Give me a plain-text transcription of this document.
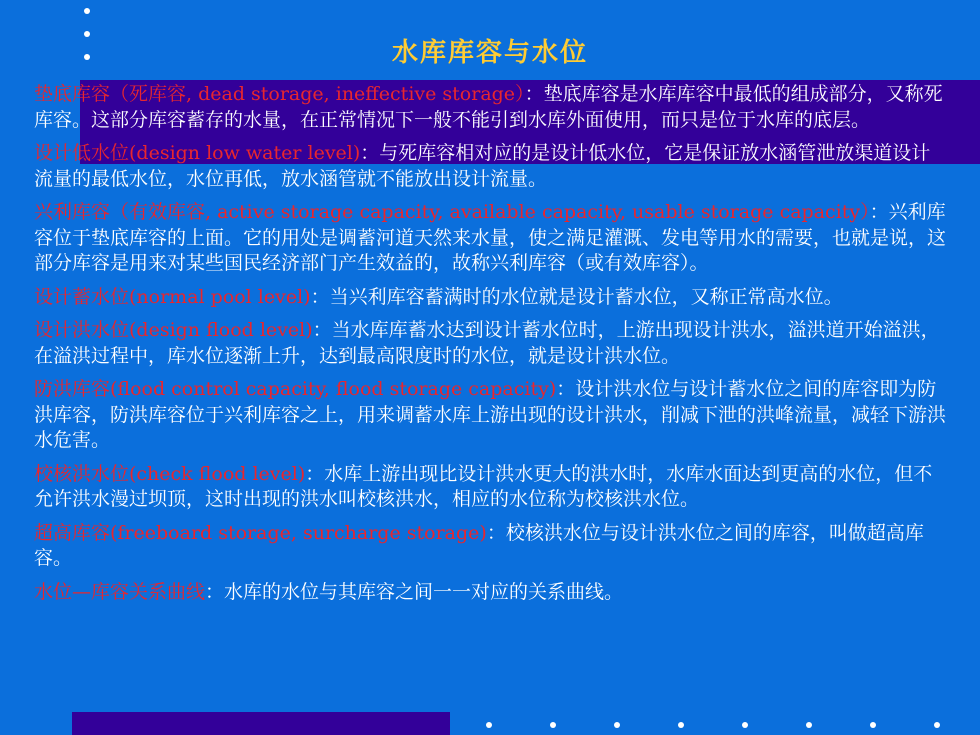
水库库容与水位

垫底库容（死库容, dead storage, ineffective storage）：垫底库容是水库库容中最低的组成部分，又称死库容。这部分库容蓄存的水量，在正常情况下一般不能引到水库外面使用，而只是位于水库的底层。

设计低水位(design low water level)：与死库容相对应的是设计低水位，它是保证放水涵管泄放渠道设计流量的最低水位，水位再低，放水涵管就不能放出设计流量。

兴利库容（有效库容, active storage capacity, available capacity, usable storage capacity）：兴利库容位于垫底库容的上面。它的用处是调蓄河道天然来水量，使之满足灌溉、发电等用水的需要，也就是说，这部分库容是用来对某些国民经济部门产生效益的，故称兴利库容（或有效库容）。

设计蓄水位(normal pool level)：当兴利库容蓄满时的水位就是设计蓄水位，又称正常高水位。

设计洪水位(design flood level)：当水库库蓄水达到设计蓄水位时，上游出现设计洪水，溢洪道开始溢洪，在溢洪过程中，库水位逐渐上升，达到最高限度时的水位，就是设计洪水位。

防洪库容(flood control capacity, flood storage capacity)：设计洪水位与设计蓄水位之间的库容即为防洪库容，防洪库容位于兴利库容之上，用来调蓄水库上游出现的设计洪水，削减下泄的洪峰流量，减轻下游洪水危害。

校核洪水位(check flood level)：水库上游出现比设计洪水更大的洪水时，水库水面达到更高的水位，但不允许洪水漫过坝顶，这时出现的洪水叫校核洪水，相应的水位称为校核洪水位。

超高库容(freeboard storage, surcharge storage)：校核洪水位与设计洪水位之间的库容，叫做超高库容。

水位—库容关系曲线：水库的水位与其库容之间一一对应的关系曲线。
